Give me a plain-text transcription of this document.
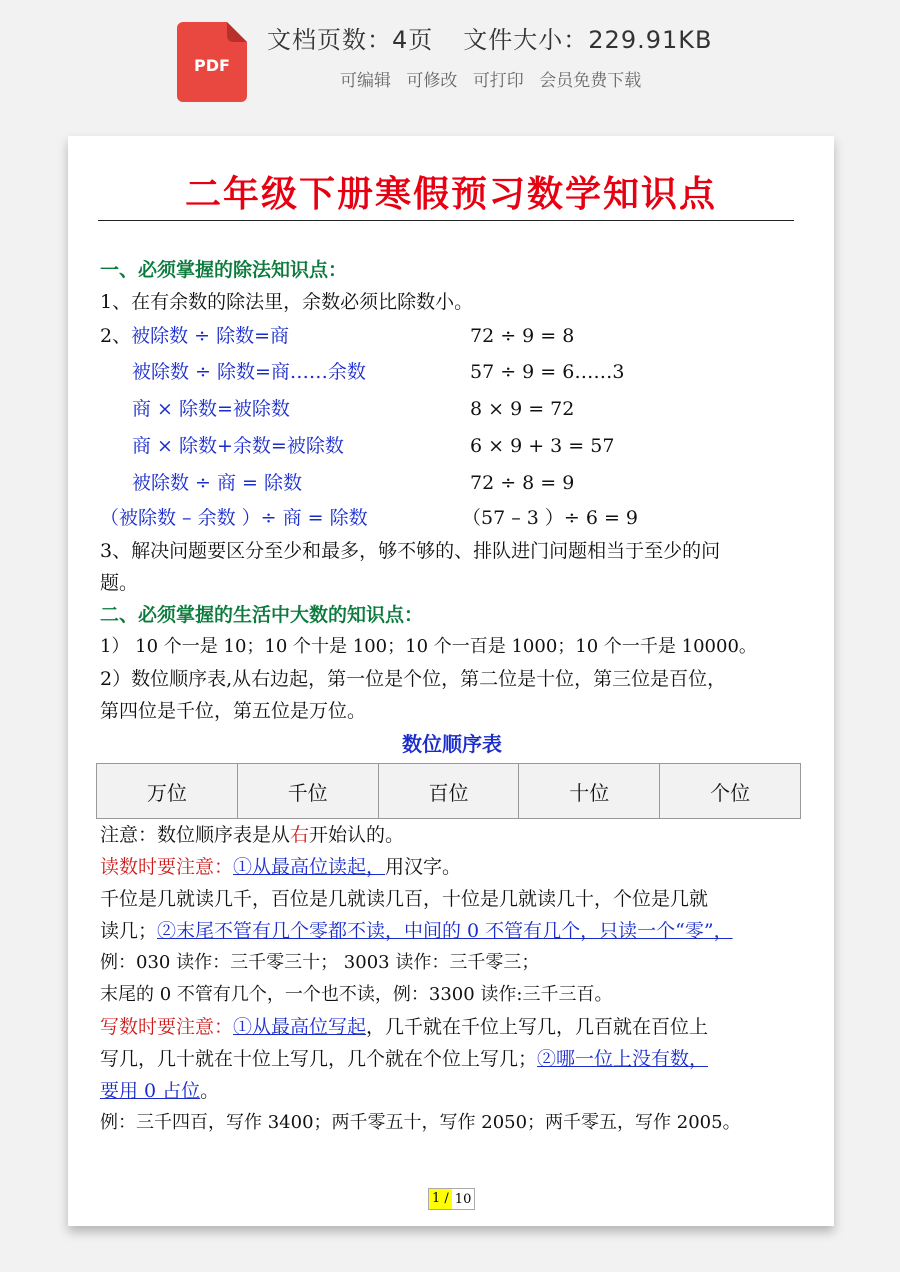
PDF
文档页数：4页 文件大小：229.91KB
可编辑 可修改 可打印 会员免费下载
二年级下册寒假预习数学知识点
一、必须掌握的除法知识点：
1、在有余数的除法里，余数必须比除数小。
2、被除数 ÷ 除数=商	72 ÷ 9 = 8
被除数 ÷ 除数=商……余数	57 ÷ 9 = 6……3
商 × 除数=被除数	8 × 9 = 72
商 × 除数+余数=被除数	6 × 9 + 3 = 57
被除数 ÷ 商 = 除数	72 ÷ 8 = 9
（被除数 – 余数 ）÷ 商 = 除数	（57 – 3 ）÷ 6 = 9
3、解决问题要区分至少和最多，够不够的、排队进门问题相当于至少的问
题。
二、必须掌握的生活中大数的知识点：
1） 10 个一是 10；10 个十是 100；10 个一百是 1000；10 个一千是 10000。
2）数位顺序表,从右边起，第一位是个位，第二位是十位，第三位是百位，
第四位是千位，第五位是万位。
数位顺序表
万位	千位	百位	十位	个位
注意：数位顺序表是从右开始认的。
读数时要注意：①从最高位读起，用汉字。
千位是几就读几千，百位是几就读几百，十位是几就读几十，个位是几就
读几；②末尾不管有几个零都不读，中间的 0 不管有几个，只读一个“零”，
例：030 读作：三千零三十； 3003 读作：三千零三；
末尾的 0 不管有几个，一个也不读，例：3300 读作:三千三百。
写数时要注意：①从最高位写起，几千就在千位上写几，几百就在百位上
写几，几十就在十位上写几，几个就在个位上写几；②哪一位上没有数，
要用 0 占位。
例：三千四百，写作 3400；两千零五十，写作 2050；两千零五，写作 2005。
1 / 10
